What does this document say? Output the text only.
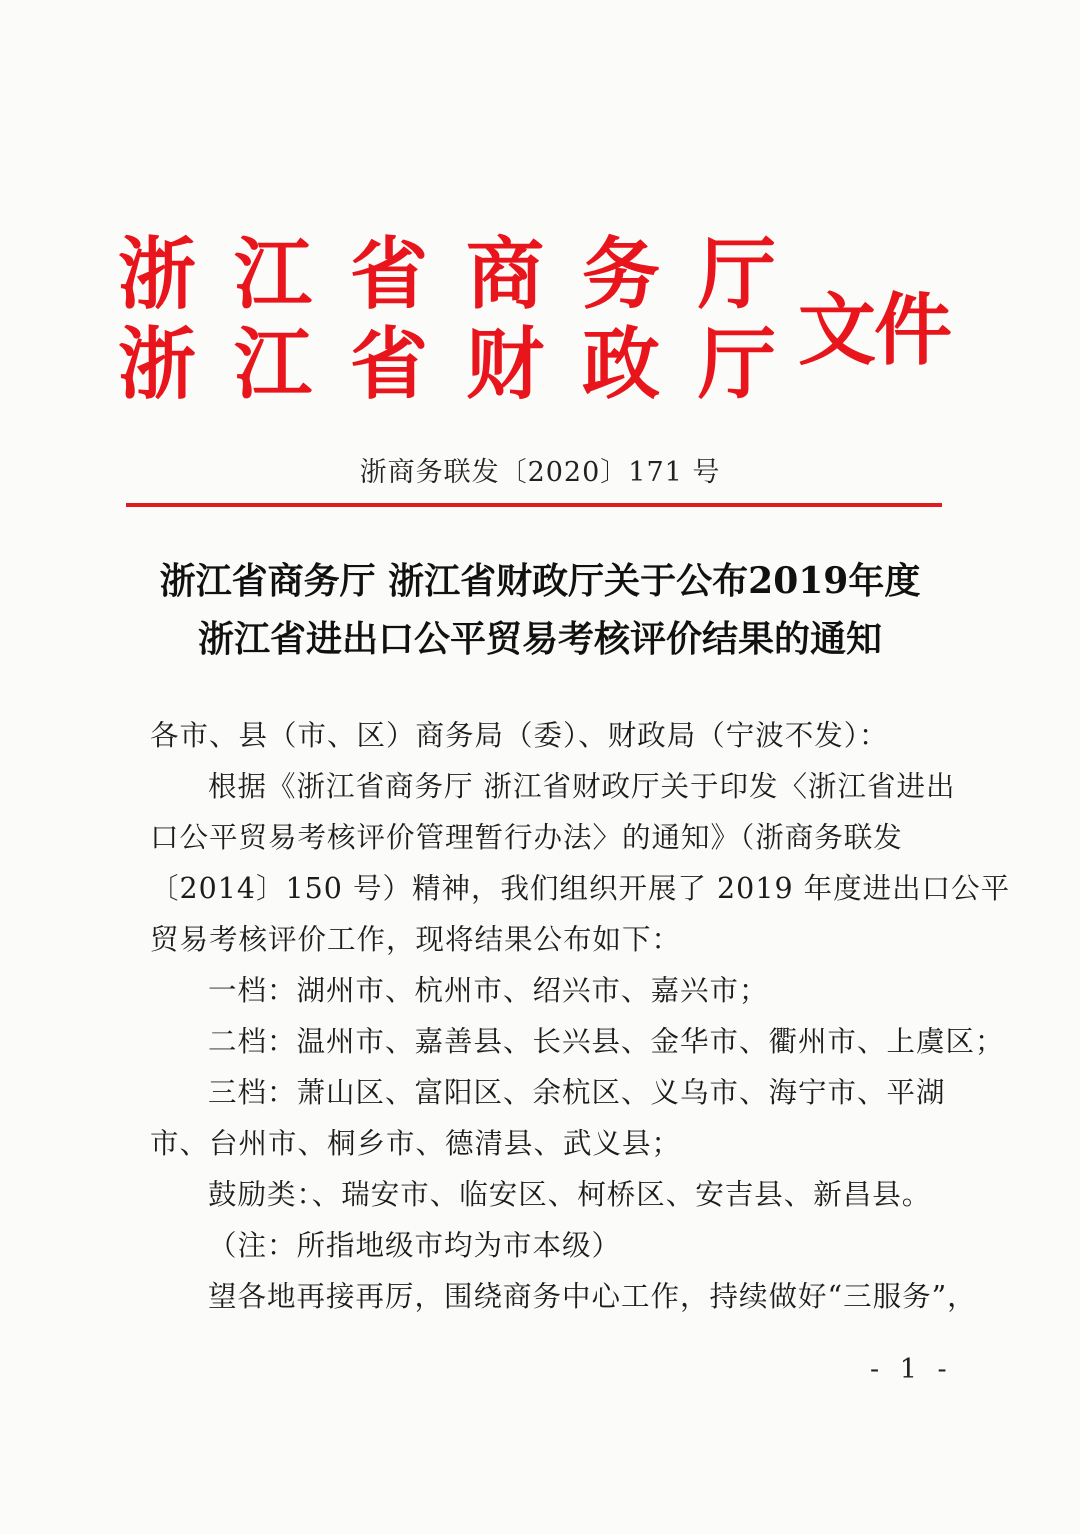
浙江省商务厅
浙江省财政厅
文件
浙商务联发〔2020〕171 号
浙江省商务厅 浙江省财政厅关于公布2019年度
浙江省进出口公平贸易考核评价结果的通知

各市、县（市、区）商务局（委）、财政局（宁波不发）：

根据《浙江省商务厅 浙江省财政厅关于印发〈浙江省进出

口公平贸易考核评价管理暂行办法〉的通知》（浙商务联发

〔2014〕150 号）精神，我们组织开展了 2019 年度进出口公平

贸易考核评价工作，现将结果公布如下：

一档：湖州市、杭州市、绍兴市、嘉兴市；

二档：温州市、嘉善县、长兴县、金华市、衢州市、上虞区；

三档：萧山区、富阳区、余杭区、义乌市、海宁市、平湖

市、台州市、桐乡市、德清县、武义县；

鼓励类：、瑞安市、临安区、柯桥区、安吉县、新昌县。

（注：所指地级市均为市本级）

望各地再接再厉，围绕商务中心工作，持续做好“三服务”，

- 1 -
